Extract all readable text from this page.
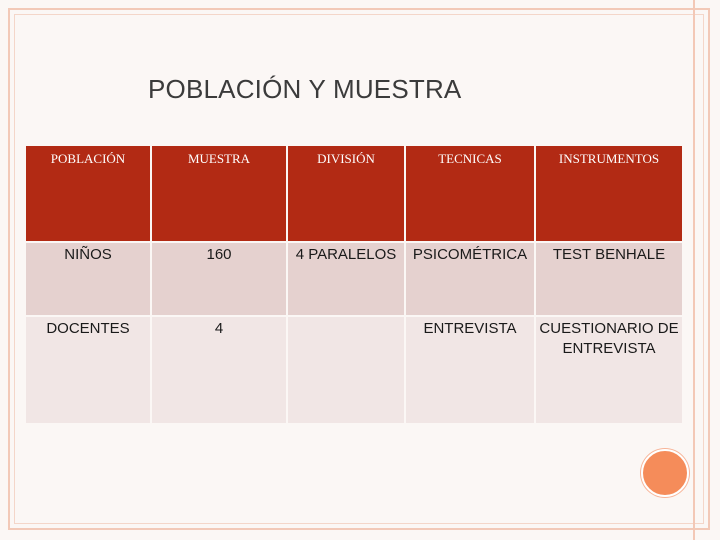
POBLACIÓN Y MUESTRA
POBLACIÓN	MUESTRA	DIVISIÓN	TECNICAS	INSTRUMENTOS
NIÑOS	160	4 PARALELOS	PSICOMÉTRICA	TEST BENHALE
DOCENTES	4		ENTREVISTA	CUESTIONARIO DE ENTREVISTA
